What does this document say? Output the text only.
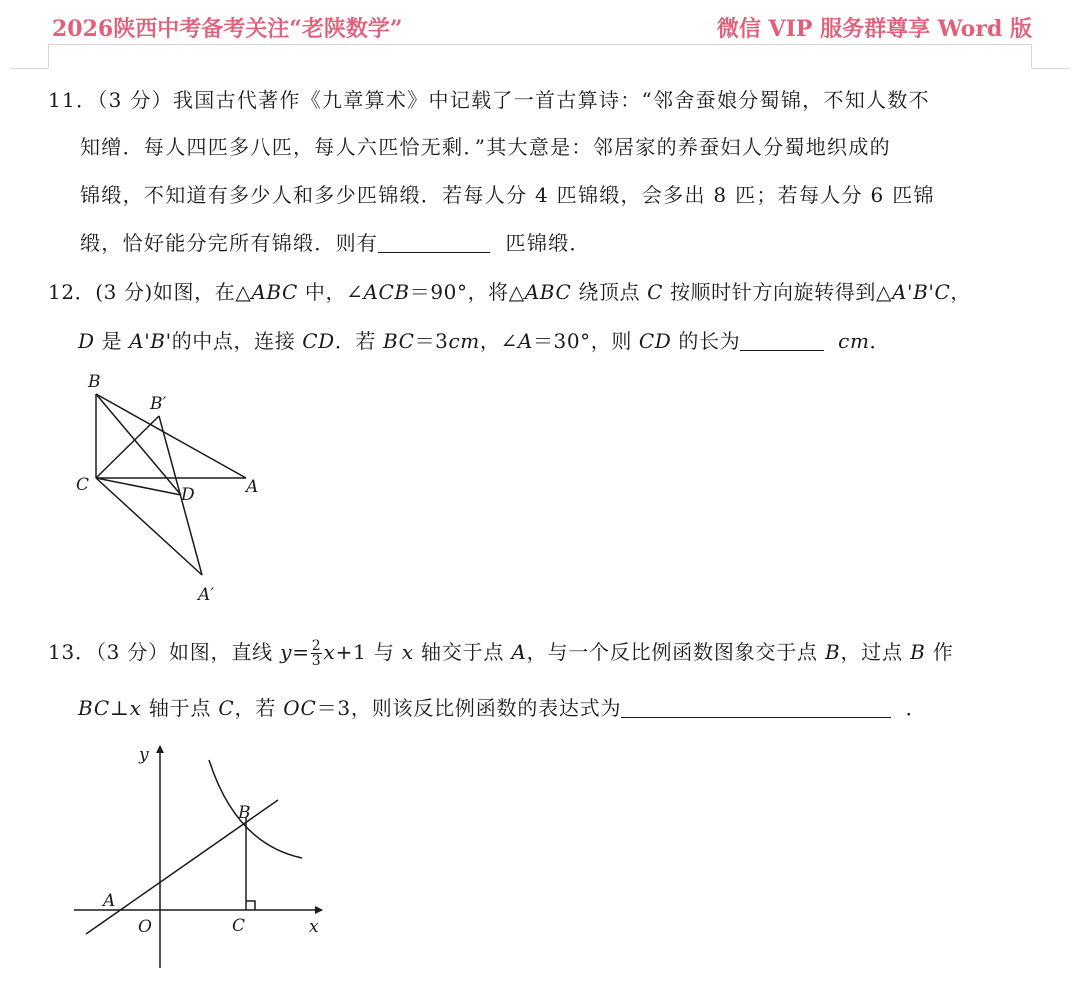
2026陕西中考备考关注“老陕数学”	微信 VIP 服务群尊享 Word 版
11．（3 分）我国古代著作《九章算术》中记载了一首古算诗：“邻舍蚕娘分蜀锦，不知人数不
知缯．每人四匹多八匹，每人六匹恰无剩．”其大意是：邻居家的养蚕妇人分蜀地织成的
锦缎，不知道有多少人和多少匹锦缎．若每人分 4 匹锦缎，会多出 8 匹；若每人分 6 匹锦
缎，恰好能分完所有锦缎．则有	匹锦缎．
12．(3 分)如图，在△ABC 中，∠ACB＝90°，将△ABC 绕顶点 C 按顺时针方向旋转得到△A'B'C，
D 是 A'B'的中点，连接 CD．若 BC＝3cm，∠A＝30°，则 CD 的长为	cm．
B
B′
C	D	A
A′
13．（3 分）如图，直线 $y= \frac{2}{3} x+1$ 与 x 轴交于点 A，与一个反比例函数图象交于点 B，过点 B 作
BC⊥x 轴于点 C，若 OC＝3，则该反比例函数的表达式为	．
y
x
A
O	C
B
